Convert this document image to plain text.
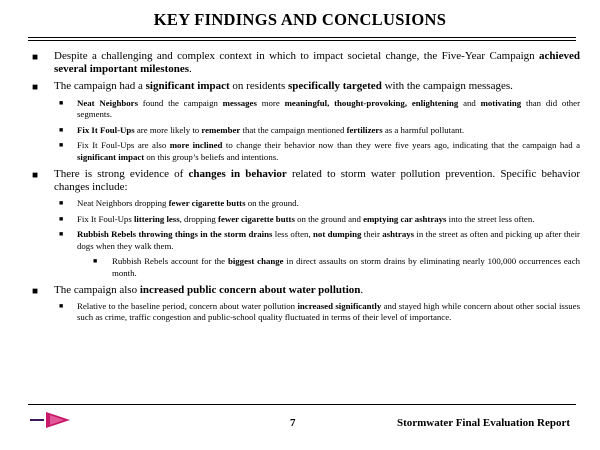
KEY FINDINGS AND CONCLUSIONS
■ Despite a challenging and complex context in which to impact societal change, the Five-Year Campaign achieved several important milestones.
■ The campaign had a significant impact on residents specifically targeted with the campaign messages.
■ Neat Neighbors found the campaign messages more meaningful, thought-provoking, enlightening and motivating than did other segments.
■ Fix It Foul-Ups are more likely to remember that the campaign mentioned fertilizers as a harmful pollutant.
■ Fix It Foul-Ups are also more inclined to change their behavior now than they were five years ago, indicating that the campaign had a significant impact on this group’s beliefs and intentions.
■ There is strong evidence of changes in behavior related to storm water pollution prevention. Specific behavior changes include:
■ Neat Neighbors dropping fewer cigarette butts on the ground.
■ Fix It Foul-Ups littering less, dropping fewer cigarette butts on the ground and emptying car ashtrays into the street less often.
■ Rubbish Rebels throwing things in the storm drains less often, not dumping their ashtrays in the street as often and picking up after their dogs when they walk them.
■ Rubbish Rebels account for the biggest change in direct assaults on storm drains by eliminating nearly 100,000 occurrences each month.
■ The campaign also increased public concern about water pollution.
■ Relative to the baseline period, concern about water pollution increased significantly and stayed high while concern about other social issues such as crime, traffic congestion and public-school quality fluctuated in terms of their level of importance.
7	Stormwater Final Evaluation Report
